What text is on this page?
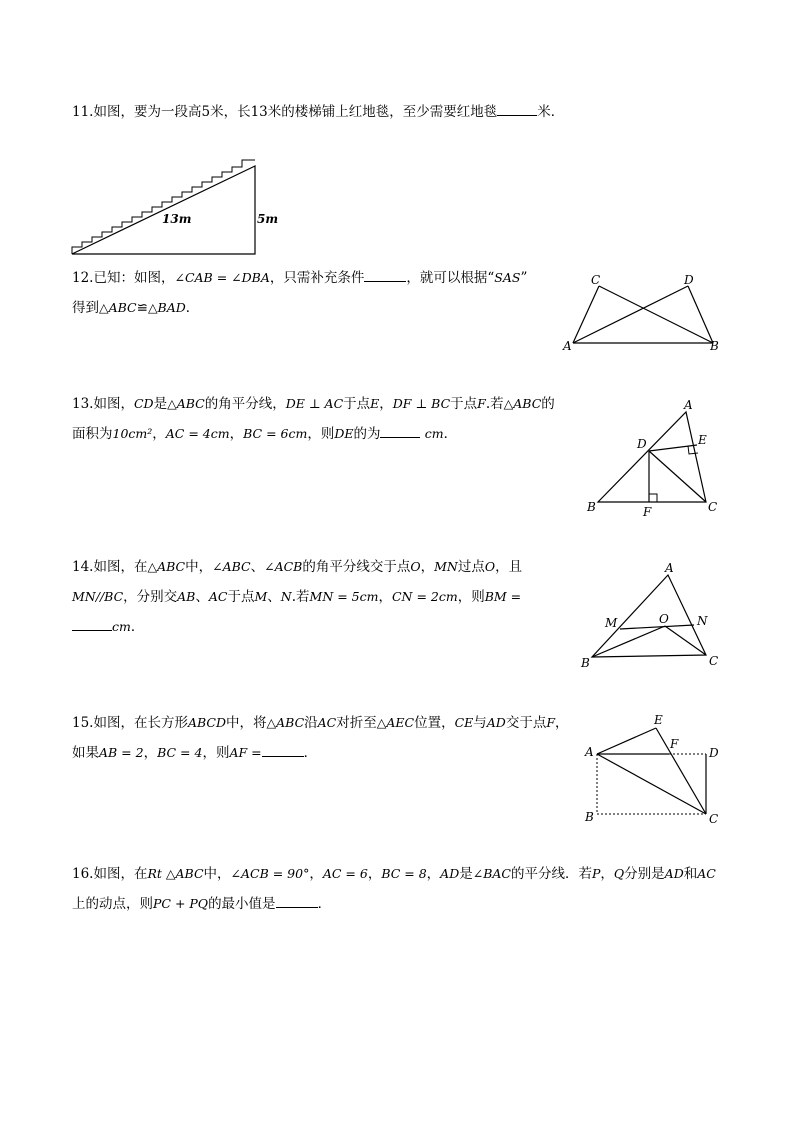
11.如图，要为一段高5米，长13米的楼梯铺上红地毯，至少需要红地毯	米．
13m	5m
12.已知：如图，∠CAB = ∠DBA，只需补充条件	，就可以根据“SAS”
得到△ABC≌△BAD．
A	B
C	D
13.如图，CD是△ABC的角平分线，DE ⊥ AC于点E，DF ⊥ BC于点F.若△ABC的
面积为10cm²，AC = 4cm，BC = 6cm，则DE的为	cm．
A
B	C
D	E
F
14.如图，在△ABC中，∠ABC、∠ACB的角平分线交于点O，MN过点O，且
MN//BC，分别交AB、AC于点M、N.若MN = 5cm，CN = 2cm，则BM =
cm．
A
B	C
M	N
O
15.如图，在长方形ABCD中，将△ABC沿AC对折至△AEC位置，CE与AD交于点F，
如果AB = 2，BC = 4，则AF =	．	A
B	C
D
E
F
16.如图，在Rt △ABC中，∠ACB = 90°，AC = 6，BC = 8，AD是∠BAC的平分线．若P，Q分别是AD和AC
上的动点，则PC + PQ的最小值是	．
